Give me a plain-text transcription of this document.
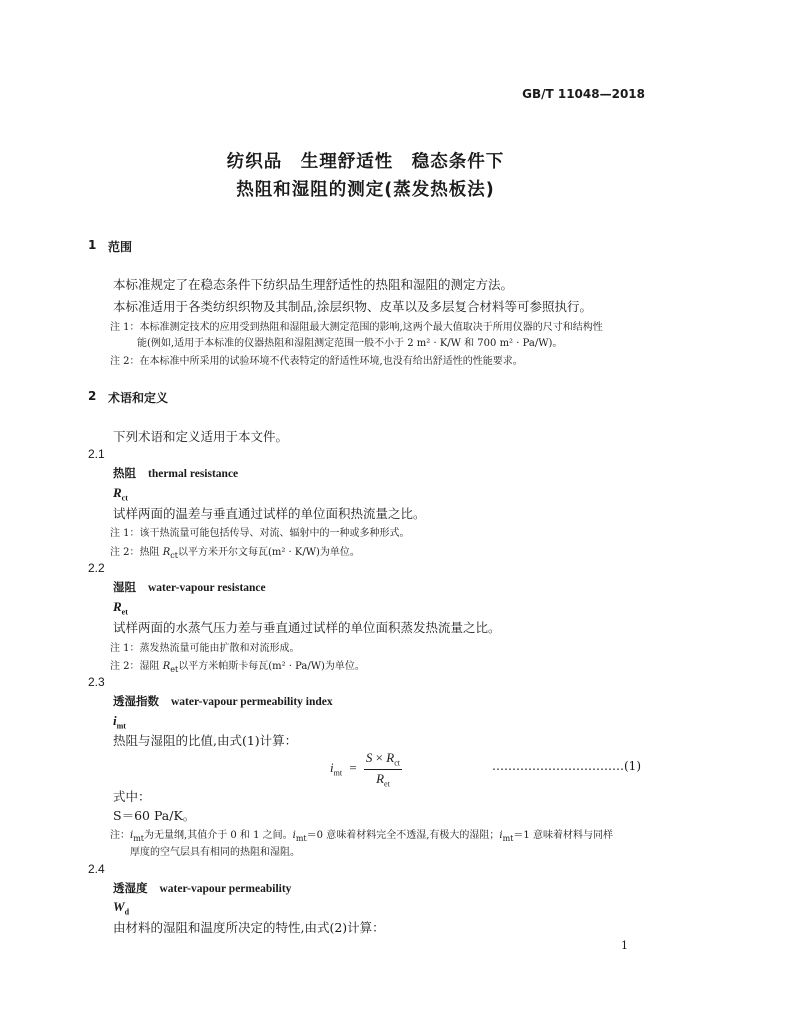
GB/T 11048—2018
纺织品　生理舒适性　稳态条件下
热阻和湿阻的测定(蒸发热板法)
1 范围
本标准规定了在稳态条件下纺织品生理舒适性的热阻和湿阻的测定方法。
本标准适用于各类纺织织物及其制品,涂层织物、皮革以及多层复合材料等可参照执行。
注 1：本标准测定技术的应用受到热阻和湿阻最大测定范围的影响,这两个最大值取决于所用仪器的尺寸和结构性
能(例如,适用于本标准的仪器热阻和湿阻测定范围一般不小于 2 m² · K/W 和 700 m² · Pa/W)。
注 2：在本标准中所采用的试验环境不代表特定的舒适性环境,也没有给出舒适性的性能要求。
2 术语和定义
下列术语和定义适用于本文件。
2.1
热阻 thermal resistance
$R_{ct}$
试样两面的温差与垂直通过试样的单位面积热流量之比。
注 1：该干热流量可能包括传导、对流、辐射中的一种或多种形式。
注 2：热阻 $R_{ct}$以平方米开尔文每瓦(m² · K/W)为单位。
2.2
湿阻 water-vapour resistance
$R_{et}$
试样两面的水蒸气压力差与垂直通过试样的单位面积蒸发热流量之比。
注 1：蒸发热流量可能由扩散和对流形成。
注 2：湿阻 $R_{et}$以平方米帕斯卡每瓦(m² · Pa/W)为单位。
2.3
透湿指数 water-vapour permeability index
$i_{mt}$
热阻与湿阻的比值,由式(1)计算：
$i_{mt} = \frac{S \times R_{ct}}{R_{et}}$	……………………………(1)
式中：
S＝60 Pa/K。
注：$i_{mt}$为无量纲,其值介于 0 和 1 之间。$i_{mt}=0$ 意味着材料完全不透湿,有极大的湿阻；$i_{mt}=1$ 意味着材料与同样
厚度的空气层具有相同的热阻和湿阻。
2.4
透湿度 water-vapour permeability
$W_d$
由材料的湿阻和温度所决定的特性,由式(2)计算：
1
